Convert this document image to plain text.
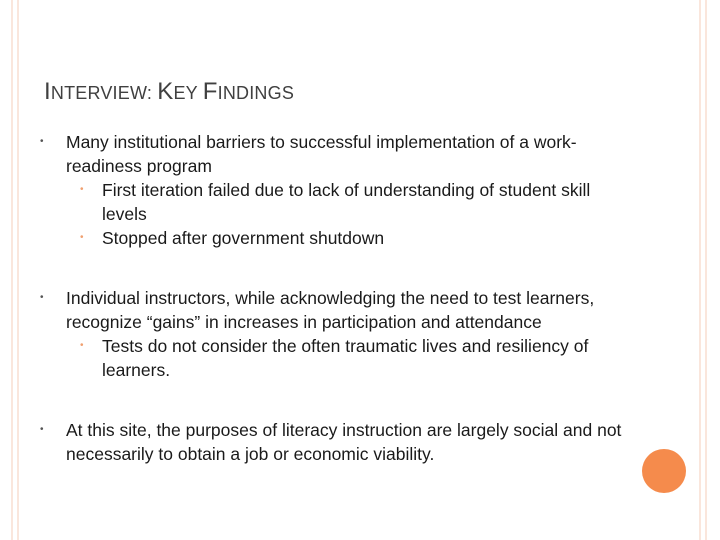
INTERVIEW: KEY FINDINGS
•	Many institutional barriers to successful implementation of a work-readiness program
•	First iteration failed due to lack of understanding of student skill levels
•	Stopped after government shutdown
•	Individual instructors, while acknowledging the need to test learners, recognize “gains” in increases in participation and attendance
•	Tests do not consider the often traumatic lives and resiliency of learners.
•	At this site, the purposes of literacy instruction are largely social and not necessarily to obtain a job or economic viability.
